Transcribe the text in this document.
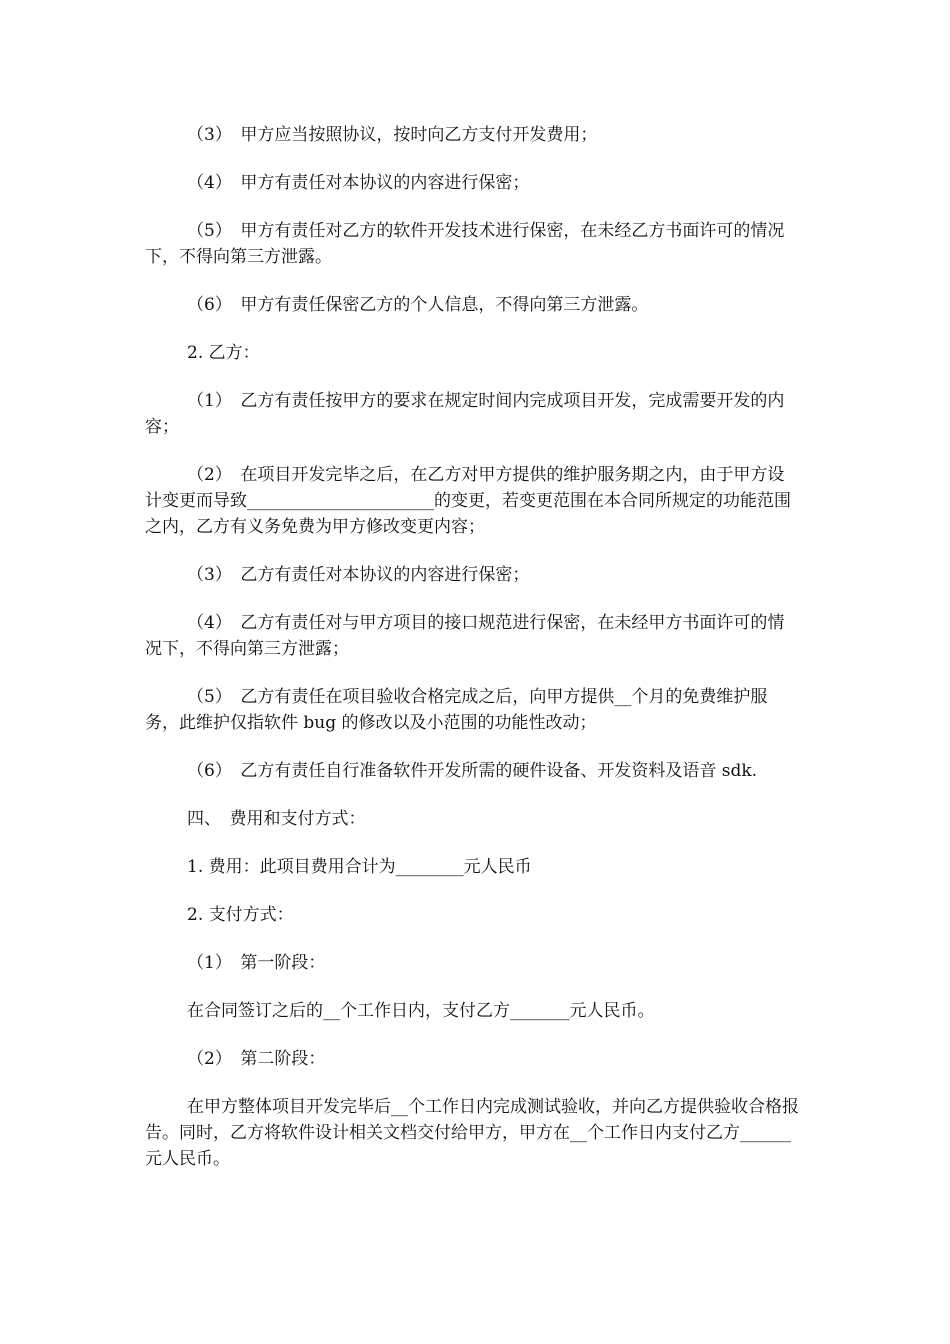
（3）　甲方应当按照协议，按时向乙方支付开发费用；

（4）　甲方有责任对本协议的内容进行保密；

（5）　甲方有责任对乙方的软件开发技术进行保密，在未经乙方书面许可的情况下，不得向第三方泄露。

（6）　甲方有责任保密乙方的个人信息，不得向第三方泄露。

2. 乙方：

（1）　乙方有责任按甲方的要求在规定时间内完成项目开发，完成需要开发的内容；

（2）　在项目开发完毕之后，在乙方对甲方提供的维护服务期之内，由于甲方设计变更而导致______________________的变更，若变更范围在本合同所规定的功能范围之内，乙方有义务免费为甲方修改变更内容；

（3）　乙方有责任对本协议的内容进行保密；

（4）　乙方有责任对与甲方项目的接口规范进行保密，在未经甲方书面许可的情况下，不得向第三方泄露；

（5）　乙方有责任在项目验收合格完成之后，向甲方提供__个月的免费维护服务，此维护仅指软件 bug 的修改以及小范围的功能性改动；

（6）　乙方有责任自行准备软件开发所需的硬件设备、开发资料及语音 sdk.

四、　费用和支付方式：

1. 费用：此项目费用合计为________元人民币

2. 支付方式：

（1）　第一阶段：

在合同签订之后的__个工作日内，支付乙方_______元人民币。

（2）　第二阶段：

在甲方整体项目开发完毕后__个工作日内完成测试验收，并向乙方提供验收合格报告。同时，乙方将软件设计相关文档交付给甲方，甲方在__个工作日内支付乙方______元人民币。
